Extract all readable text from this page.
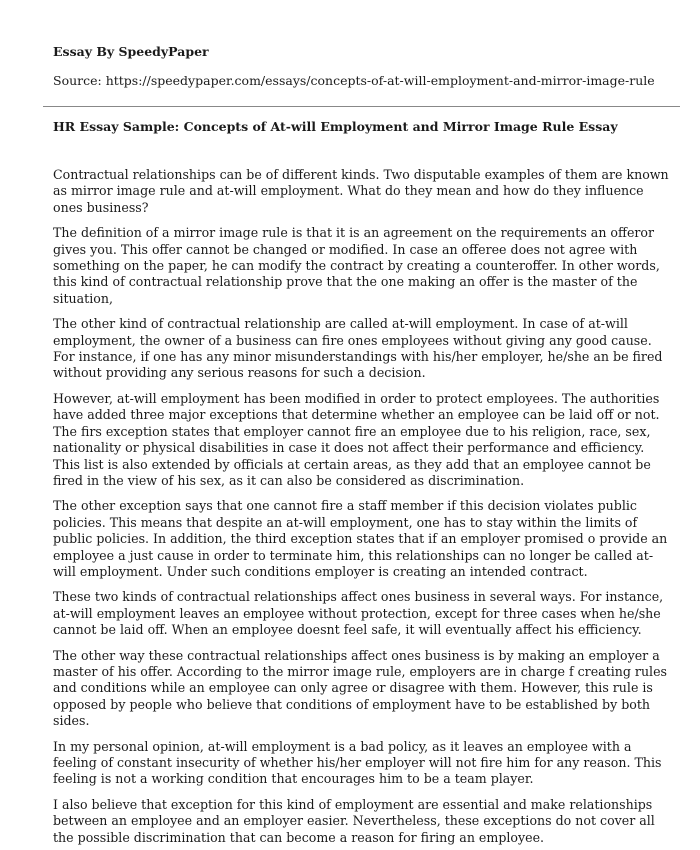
Essay By SpeedyPaper
Source: https://speedypaper.com/essays/concepts-of-at-will-employment-and-mirror-image-rule
HR Essay Sample: Concepts of At-will Employment and Mirror Image Rule Essay

Contractual relationships can be of different kinds. Two disputable examples of them are known as mirror image rule and at-will employment. What do they mean and how do they influence ones business?

The definition of a mirror image rule is that it is an agreement on the requirements an offeror gives you. This offer cannot be changed or modified. In case an offeree does not agree with something on the paper, he can modify the contract by creating a counteroffer. In other words, this kind of contractual relationship prove that the one making an offer is the master of the situation,

The other kind of contractual relationship are called at-will employment. In case of at-will employment, the owner of a business can fire ones employees without giving any good cause. For instance, if one has any minor misunderstandings with his/her employer, he/she an be fired without providing any serious reasons for such a decision.

However, at-will employment has been modified in order to protect employees. The authorities have added three major exceptions that determine whether an employee can be laid off or not. The firs exception states that employer cannot fire an employee due to his religion, race, sex, nationality or physical disabilities in case it does not affect their performance and efficiency. This list is also extended by officials at certain areas, as they add that an employee cannot be fired in the view of his sex, as it can also be considered as discrimination.

The other exception says that one cannot fire a staff member if this decision violates public policies. This means that despite an at-will employment, one has to stay within the limits of public policies. In addition, the third exception states that if an employer promised o provide an employee a just cause in order to terminate him, this relationships can no longer be called at-will employment. Under such conditions employer is creating an intended contract.

These two kinds of contractual relationships affect ones business in several ways. For instance, at-will employment leaves an employee without protection, except for three cases when he/she cannot be laid off. When an employee doesnt feel safe, it will eventually affect his efficiency.

The other way these contractual relationships affect ones business is by making an employer a master of his offer. According to the mirror image rule, employers are in charge f creating rules and conditions while an employee can only agree or disagree with them. However, this rule is opposed by people who believe that conditions of employment have to be established by both sides.

In my personal opinion, at-will employment is a bad policy, as it leaves an employee with a feeling of constant insecurity of whether his/her employer will not fire him for any reason. This feeling is not a working condition that encourages him to be a team player.

I also believe that exception for this kind of employment are essential and make relationships between an employee and an employer easier. Nevertheless, these exceptions do not cover all the possible discrimination that can become a reason for firing an employee.
